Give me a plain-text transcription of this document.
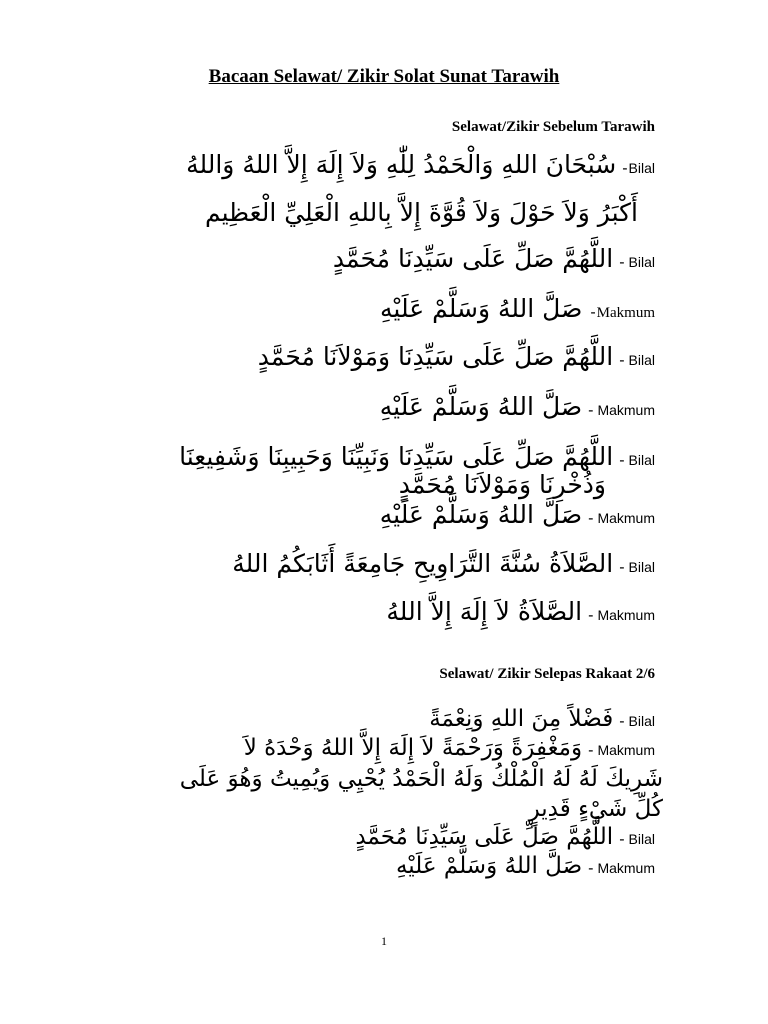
Bacaan Selawat/ Zikir Solat Sunat Tarawih
Selawat/Zikir Sebelum Tarawih
سُبْحَانَ اللهِ وَالْحَمْدُ لِلّٰهِ وَلاَ إِلَهَ إِلاَّ اللهُ وَاللهُ - Bilal
أَكْبَرُ وَلاَ حَوْلَ وَلاَ قُوَّةَ إِلاَّ بِاللهِ الْعَلِيِّ الْعَظِيم
اللَّهُمَّ صَلِّ عَلَى سَيِّدِنَا مُحَمَّدٍ - Bilal
صَلَّ اللهُ وَسَلَّمْ عَلَيْهِ - Makmum
اللَّهُمَّ صَلِّ عَلَى سَيِّدِنَا وَمَوْلاَنَا مُحَمَّدٍ - Bilal
صَلَّ اللهُ وَسَلَّمْ عَلَيْهِ - Makmum
اللَّهُمَّ صَلِّ عَلَى سَيِّدِنَا وَنَبِيِّنَا وَحَبِيبِنَا وَشَفِيعِنَا - Bilal
وَذُخْرِنَا وَمَوْلاَنَا مُحَمَّدٍ
صَلَّ اللهُ وَسَلَّمْ عَلَيْهِ - Makmum
الصَّلاَةُ سُنَّةَ التَّرَاوِيحِ جَامِعَةً أَثَابَكُمُ اللهُ - Bilal
الصَّلاَةُ لاَ إِلَهَ إِلاَّ اللهُ - Makmum
Selawat/ Zikir Selepas Rakaat 2/6
فَضْلاً مِنَ اللهِ وَنِعْمَةً - Bilal
وَمَغْفِرَةً وَرَحْمَةً لاَ إِلَهَ إِلاَّ اللهُ وَحْدَهُ لاَ - Makmum
شَرِيكَ لَهُ لَهُ الْمُلْكُ وَلَهُ الْحَمْدُ يُحْيِي وَيُمِيتُ وَهُوَ عَلَى
كُلِّ شَيْءٍ قَدِيرٍ
اللَّهُمَّ صَلِّ عَلَى سَيِّدِنَا مُحَمَّدٍ - Bilal
صَلَّ اللهُ وَسَلَّمْ عَلَيْهِ - Makmum
1
